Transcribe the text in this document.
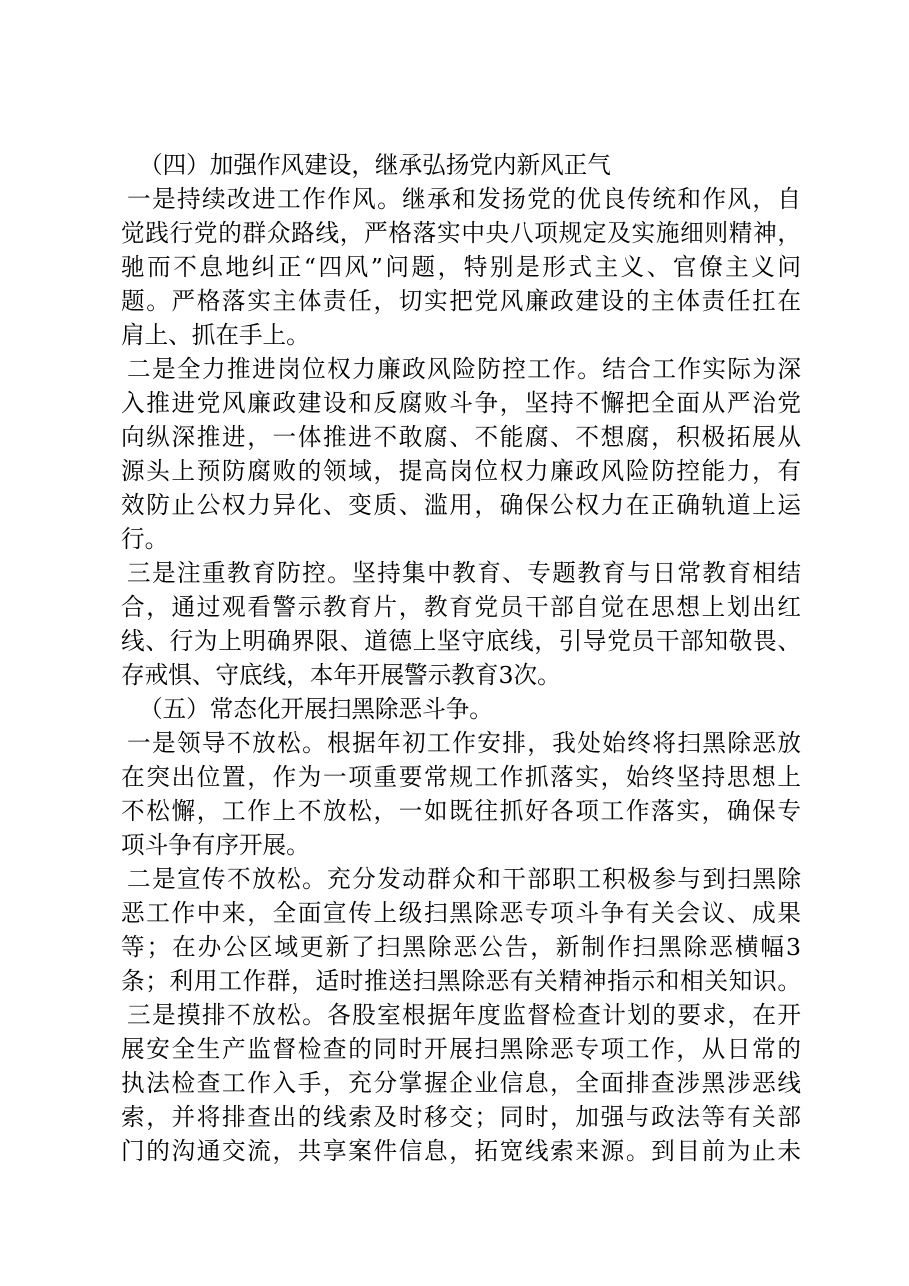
（四）加强作风建设，继承弘扬党内新风正气
一是持续改进工作作风。继承和发扬党的优良传统和作风，自
觉践行党的群众路线，严格落实中央八项规定及实施细则精神，
驰而不息地纠正“四风”问题，特别是形式主义、官僚主义问
题。严格落实主体责任，切实把党风廉政建设的主体责任扛在
肩上、抓在手上。
二是全力推进岗位权力廉政风险防控工作。结合工作实际为深
入推进党风廉政建设和反腐败斗争，坚持不懈把全面从严治党
向纵深推进，一体推进不敢腐、不能腐、不想腐，积极拓展从
源头上预防腐败的领域，提高岗位权力廉政风险防控能力，有
效防止公权力异化、变质、滥用，确保公权力在正确轨道上运
行。
三是注重教育防控。坚持集中教育、专题教育与日常教育相结
合，通过观看警示教育片，教育党员干部自觉在思想上划出红
线、行为上明确界限、道德上坚守底线，引导党员干部知敬畏、
存戒惧、守底线，本年开展警示教育3次。
（五）常态化开展扫黑除恶斗争。
一是领导不放松。根据年初工作安排，我处始终将扫黑除恶放
在突出位置，作为一项重要常规工作抓落实，始终坚持思想上
不松懈，工作上不放松，一如既往抓好各项工作落实，确保专
项斗争有序开展。
二是宣传不放松。充分发动群众和干部职工积极参与到扫黑除
恶工作中来，全面宣传上级扫黑除恶专项斗争有关会议、成果
等；在办公区域更新了扫黑除恶公告，新制作扫黑除恶横幅3
条；利用工作群，适时推送扫黑除恶有关精神指示和相关知识。
三是摸排不放松。各股室根据年度监督检查计划的要求，在开
展安全生产监督检查的同时开展扫黑除恶专项工作，从日常的
执法检查工作入手，充分掌握企业信息，全面排查涉黑涉恶线
索，并将排查出的线索及时移交；同时，加强与政法等有关部
门的沟通交流，共享案件信息，拓宽线索来源。到目前为止未
